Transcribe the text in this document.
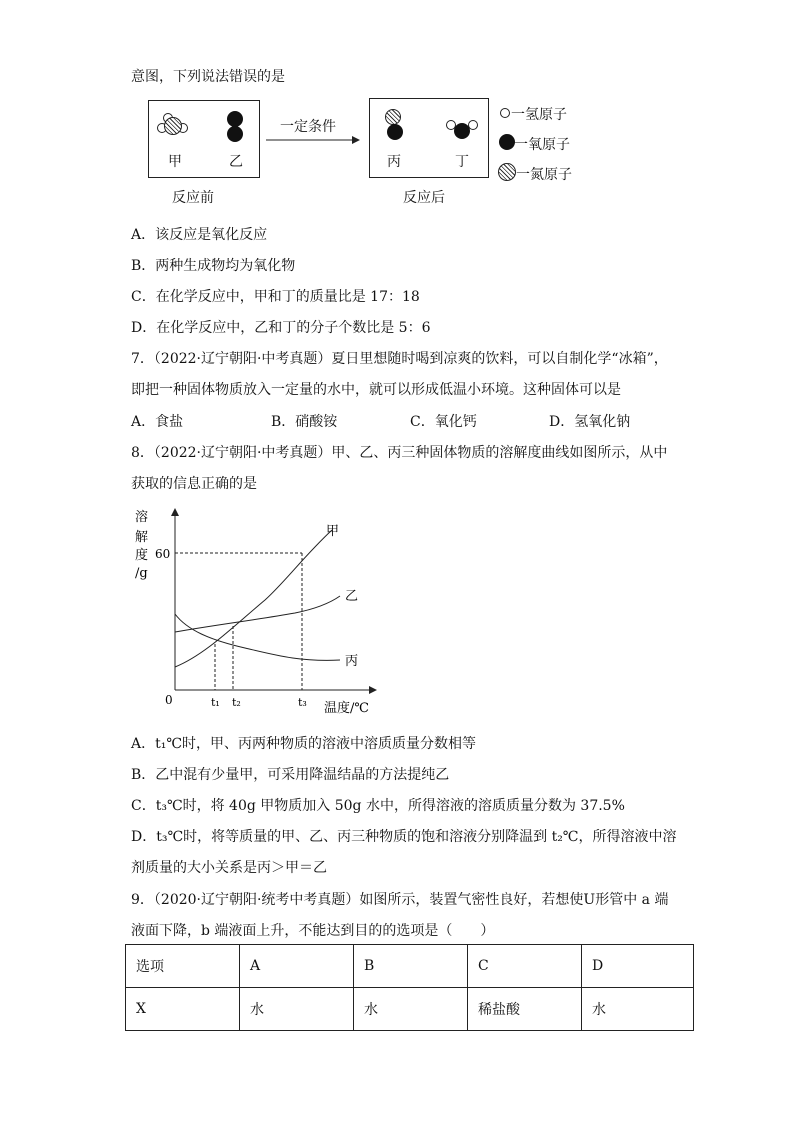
意图，下列说法错误的是
甲	乙
一定条件
丙	丁
一氢原子
一氧原子
一氮原子
反应前	反应后
A．该反应是氧化反应
B．两种生成物均为氧化物
C．在化学反应中，甲和丁的质量比是 17：18
D．在化学反应中，乙和丁的分子个数比是 5：6
7．（2022·辽宁朝阳·中考真题）夏日里想随时喝到凉爽的饮料，可以自制化学“冰箱”，
即把一种固体物质放入一定量的水中，就可以形成低温小环境。这种固体可以是
A．食盐	B．硝酸铵	C．氧化钙	D．氢氧化钠
8．（2022·辽宁朝阳·中考真题）甲、乙、丙三种固体物质的溶解度曲线如图所示，从中
获取的信息正确的是
溶
解
度
/g
60
0
甲
乙
丙
t₁ t₂	t₃ 温度/℃
A．t₁℃时，甲、丙两种物质的溶液中溶质质量分数相等
B．乙中混有少量甲，可采用降温结晶的方法提纯乙
C．t₃℃时，将 40g 甲物质加入 50g 水中，所得溶液的溶质质量分数为 37.5%
D．t₃℃时，将等质量的甲、乙、丙三种物质的饱和溶液分别降温到 t₂℃，所得溶液中溶
剂质量的大小关系是丙＞甲＝乙
9．（2020·辽宁朝阳·统考中考真题）如图所示，装置气密性良好，若想使U形管中 a 端
液面下降，b 端液面上升，不能达到目的的选项是（　　）
选项	A	B	C	D
X	水	水	稀盐酸	水
